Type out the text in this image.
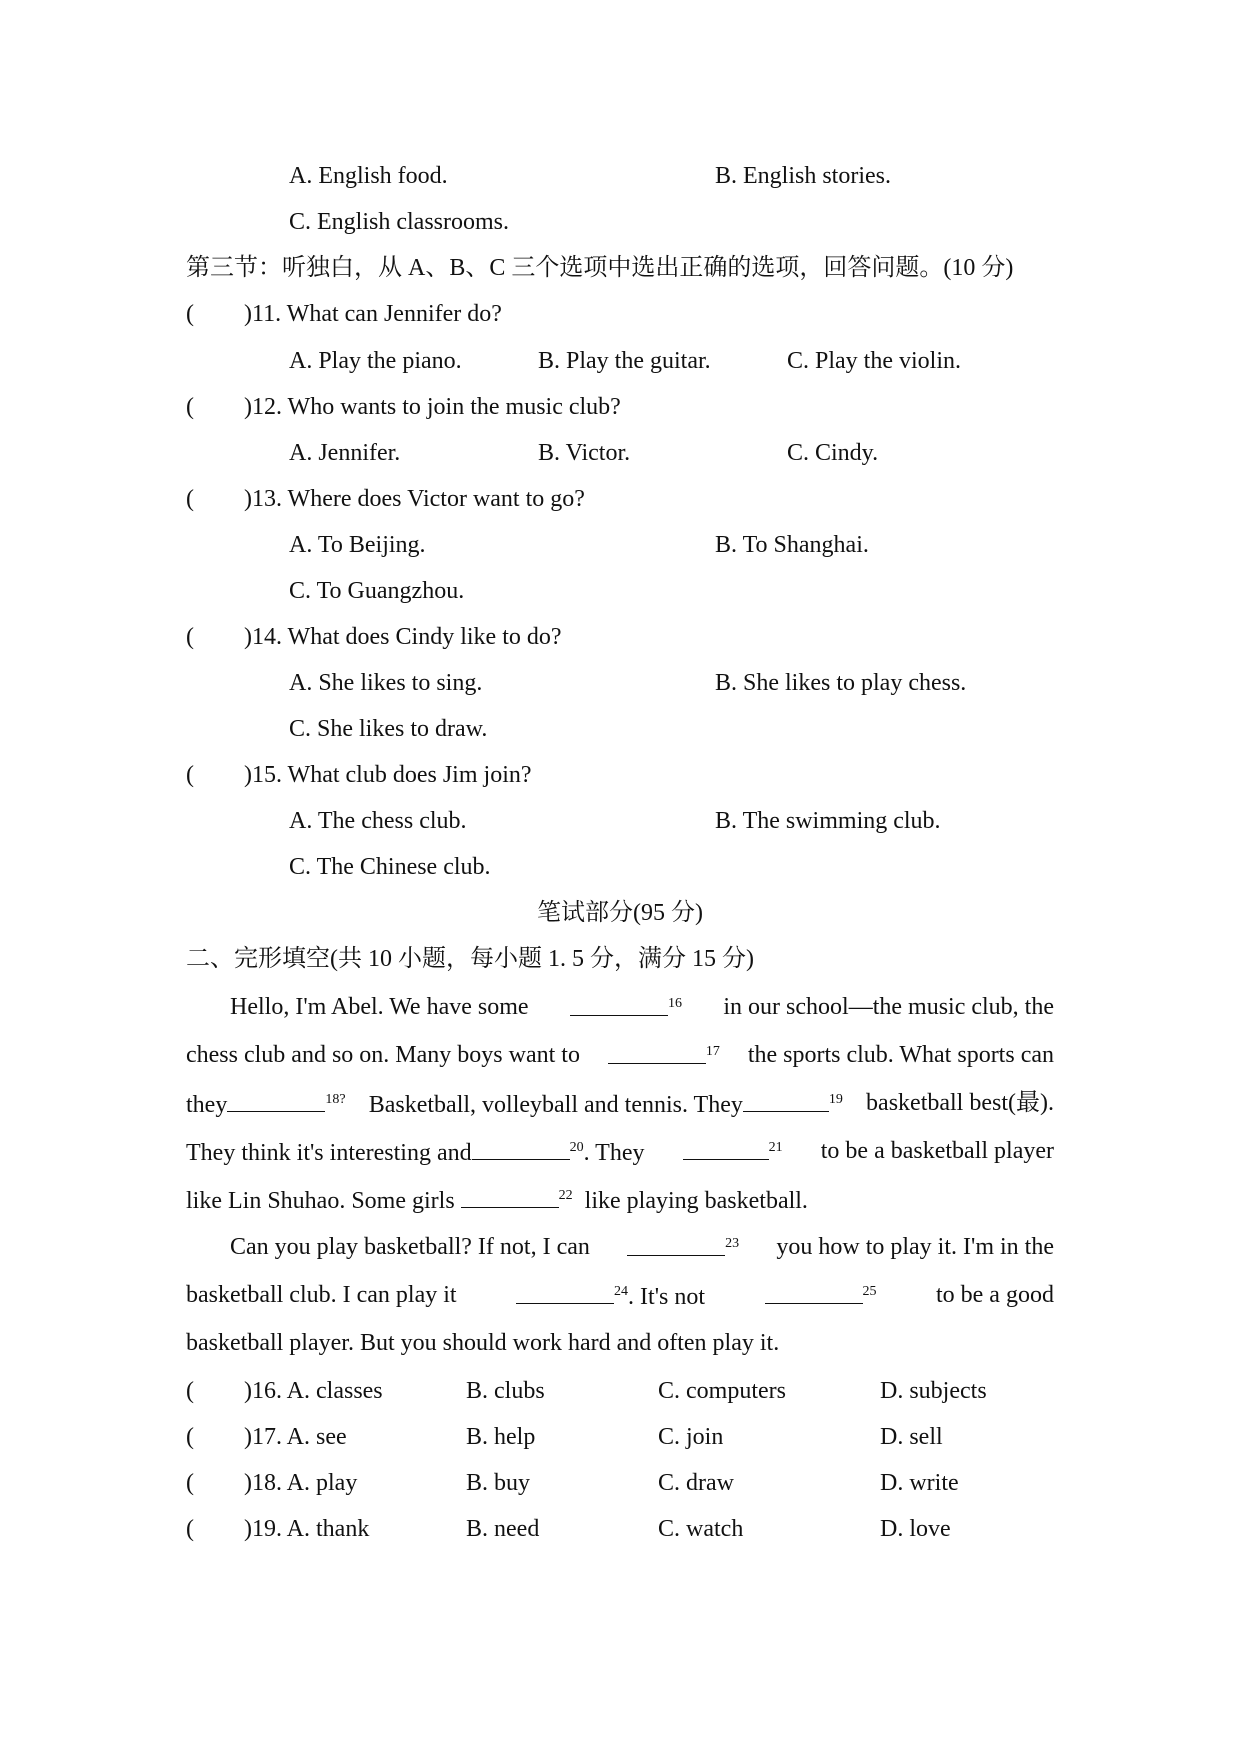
A. English food.	B. English stories.
C. English classrooms.
第三节：听独白，从 A、B、C 三个选项中选出正确的选项，回答问题。(10 分)
( )11. What can Jennifer do?
A. Play the piano.	B. Play the guitar.	C. Play the violin.
( )12. Who wants to join the music club?
A. Jennifer.	B. Victor.	C. Cindy.
( )13. Where does Victor want to go?
A. To Beijing.	B. To Shanghai.
C. To Guangzhou.
( )14. What does Cindy like to do?
A. She likes to sing.	B. She likes to play chess.
C. She likes to draw.
( )15. What club does Jim join?
A. The chess club.	B. The swimming club.
C. The Chinese club.
笔试部分(95 分)
二、完形填空(共 10 小题，每小题 1. 5 分，满分 15 分)
Hello, I'm Abel. We have some	$^{16}$ in our school—the music club, the
chess club and so on. Many boys want to	$^{17}$ the sports club. What sports can
they	$^{18?}$ Basketball, volleyball and tennis. They	$^{19}$ basketball best(最).
They think it's interesting and	$^{20}$. They	$^{21}$ to be a basketball player
like Lin Shuhao. Some girls	$^{22}$ like playing basketball.
Can you play basketball? If not, I can	$^{23}$ you how to play it. I'm in the
basketball club. I can play it	$^{24}$. It's not	$^{25}$ to be a good
basketball player. But you should work hard and often play it.
( )16. A. classes	B. clubs	C. computers	D. subjects
( )17. A. see	B. help	C. join	D. sell
( )18. A. play	B. buy	C. draw	D. write
( )19. A. thank	B. need	C. watch	D. love
